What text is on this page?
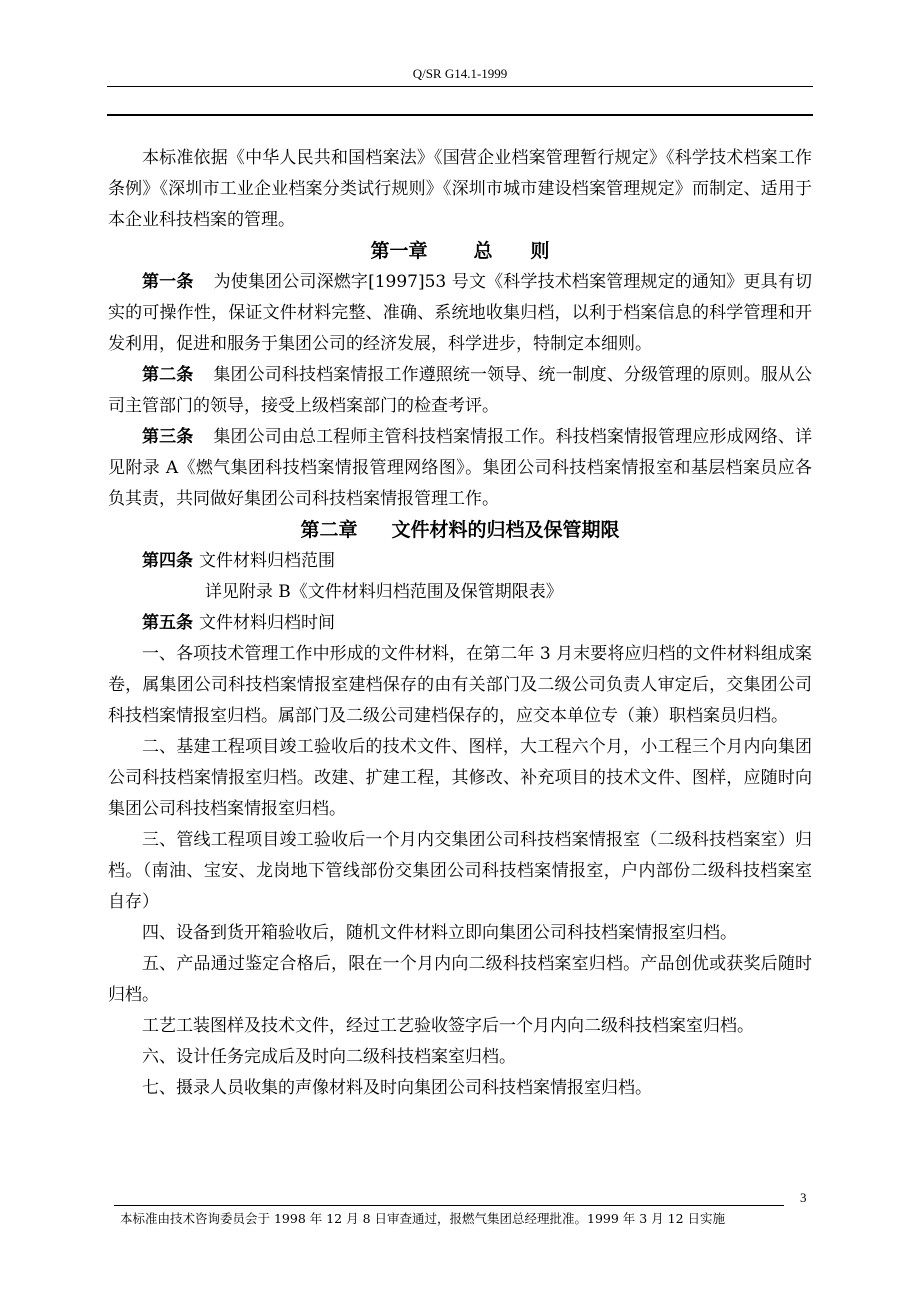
Q/SR G14.1-1999

本标准依据《中华人民共和国档案法》《国营企业档案管理暂行规定》《科学技术档案工作条例》《深圳市工业企业档案分类试行规则》《深圳市城市建设档案管理规定》而制定、适用于本企业科技档案的管理。

第一章 总　　则

第一条 为使集团公司深燃字[1997]53 号文《科学技术档案管理规定的通知》更具有切实的可操作性，保证文件材料完整、准确、系统地收集归档，以利于档案信息的科学管理和开发利用，促进和服务于集团公司的经济发展，科学进步，特制定本细则。

第二条 集团公司科技档案情报工作遵照统一领导、统一制度、分级管理的原则。服从公司主管部门的领导，接受上级档案部门的检查考评。

第三条 集团公司由总工程师主管科技档案情报工作。科技档案情报管理应形成网络、详见附录 A《燃气集团科技档案情报管理网络图》。集团公司科技档案情报室和基层档案员应各负其责，共同做好集团公司科技档案情报管理工作。

第二章 文件材料的归档及保管期限

第四条 文件材料归档范围

详见附录 B《文件材料归档范围及保管期限表》

第五条 文件材料归档时间

一、各项技术管理工作中形成的文件材料，在第二年 3 月末要将应归档的文件材料组成案卷，属集团公司科技档案情报室建档保存的由有关部门及二级公司负责人审定后，交集团公司科技档案情报室归档。属部门及二级公司建档保存的，应交本单位专（兼）职档案员归档。

二、基建工程项目竣工验收后的技术文件、图样，大工程六个月，小工程三个月内向集团公司科技档案情报室归档。改建、扩建工程，其修改、补充项目的技术文件、图样，应随时向集团公司科技档案情报室归档。

三、管线工程项目竣工验收后一个月内交集团公司科技档案情报室（二级科技档案室）归档。（南油、宝安、龙岗地下管线部份交集团公司科技档案情报室，户内部份二级科技档案室自存）

四、设备到货开箱验收后，随机文件材料立即向集团公司科技档案情报室归档。

五、产品通过鉴定合格后，限在一个月内向二级科技档案室归档。产品创优或获奖后随时归档。

工艺工装图样及技术文件，经过工艺验收签字后一个月内向二级科技档案室归档。

六、设计任务完成后及时向二级科技档案室归档。

七、摄录人员收集的声像材料及时向集团公司科技档案情报室归档。

3
本标准由技术咨询委员会于 1998 年 12 月 8 日审查通过，报燃气集团总经理批准。1999 年 3 月 12 日实施
